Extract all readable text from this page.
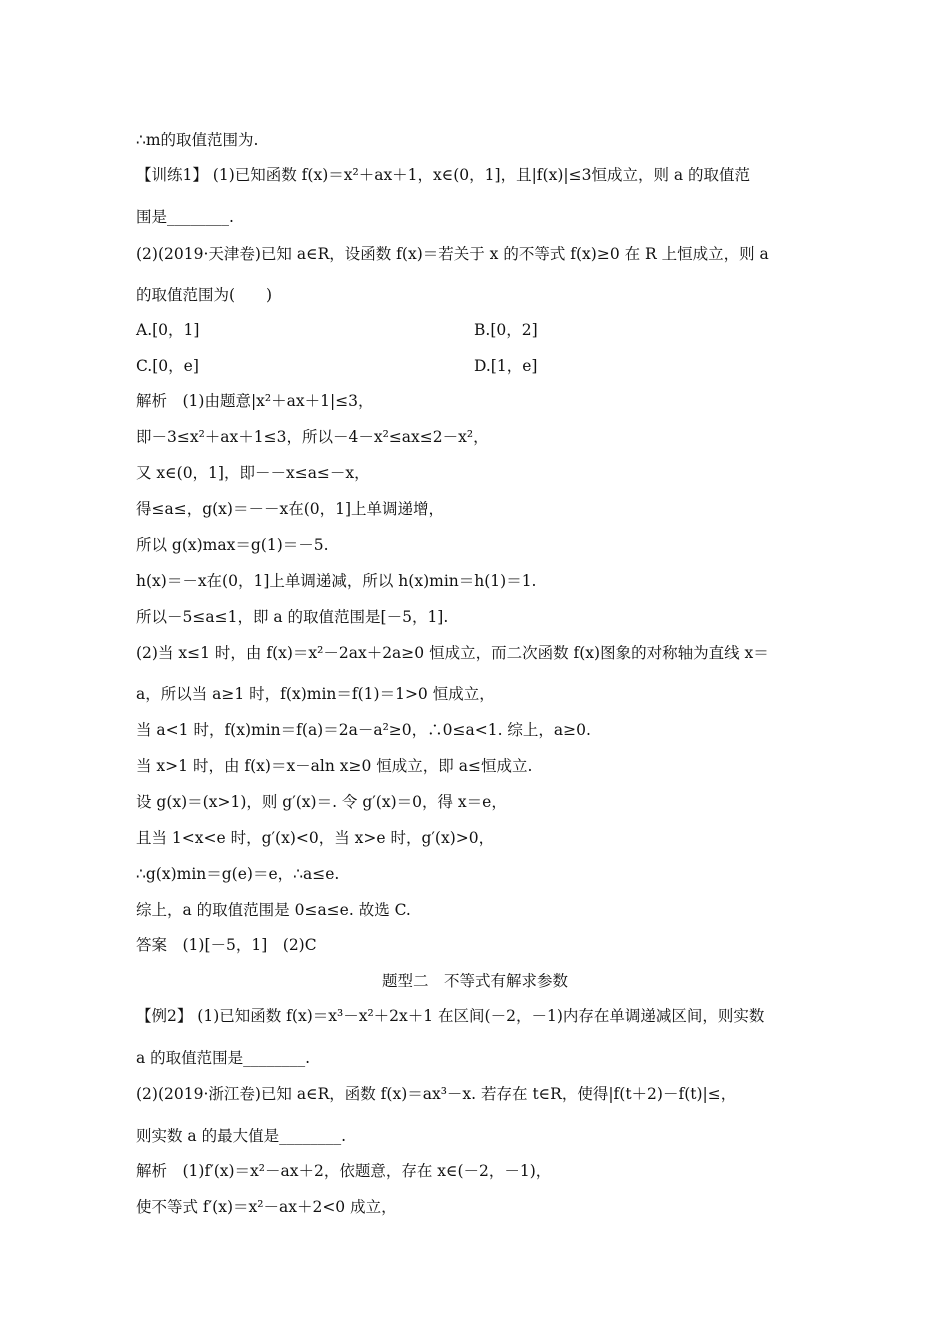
∴m的取值范围为.
【训练1】 (1)已知函数 f(x)＝x²＋ax＋1，x∈(0，1]，且|f(x)|≤3恒成立，则 a 的取值范
围是________.
(2)(2019·天津卷)已知 a∈R，设函数 f(x)＝若关于 x 的不等式 f(x)≥0 在 R 上恒成立，则 a
的取值范围为(　　)
A.[0，1]	B.[0，2]
C.[0，e]	D.[1，e]
解析　(1)由题意|x²＋ax＋1|≤3，
即－3≤x²＋ax＋1≤3，所以－4－x²≤ax≤2－x²，
又 x∈(0，1]，即－－x≤a≤－x，
得≤a≤，g(x)＝－－x在(0，1]上单调递增，
所以 g(x)max＝g(1)＝－5.
h(x)＝－x在(0，1]上单调递减，所以 h(x)min＝h(1)＝1.
所以－5≤a≤1，即 a 的取值范围是[－5，1].
(2)当 x≤1 时，由 f(x)＝x²－2ax＋2a≥0 恒成立，而二次函数 f(x)图象的对称轴为直线 x＝
a，所以当 a≥1 时，f(x)min＝f(1)＝1>0 恒成立，
当 a<1 时，f(x)min＝f(a)＝2a－a²≥0，∴0≤a<1. 综上，a≥0.
当 x>1 时，由 f(x)＝x－aln x≥0 恒成立，即 a≤恒成立.
设 g(x)＝(x>1)，则 g′(x)＝. 令 g′(x)＝0，得 x＝e，
且当 1<x<e 时，g′(x)<0，当 x>e 时，g′(x)>0，
∴g(x)min＝g(e)＝e，∴a≤e.
综上，a 的取值范围是 0≤a≤e. 故选 C.
答案　(1)[－5，1]　(2)C
题型二　不等式有解求参数
【例2】 (1)已知函数 f(x)＝x³－x²＋2x＋1 在区间(－2，－1)内存在单调递减区间，则实数
a 的取值范围是________.
(2)(2019·浙江卷)已知 a∈R，函数 f(x)＝ax³－x. 若存在 t∈R，使得|f(t＋2)－f(t)|≤，
则实数 a 的最大值是________.
解析　(1)f′(x)＝x²－ax＋2，依题意，存在 x∈(－2，－1)，
使不等式 f′(x)＝x²－ax＋2<0 成立，
